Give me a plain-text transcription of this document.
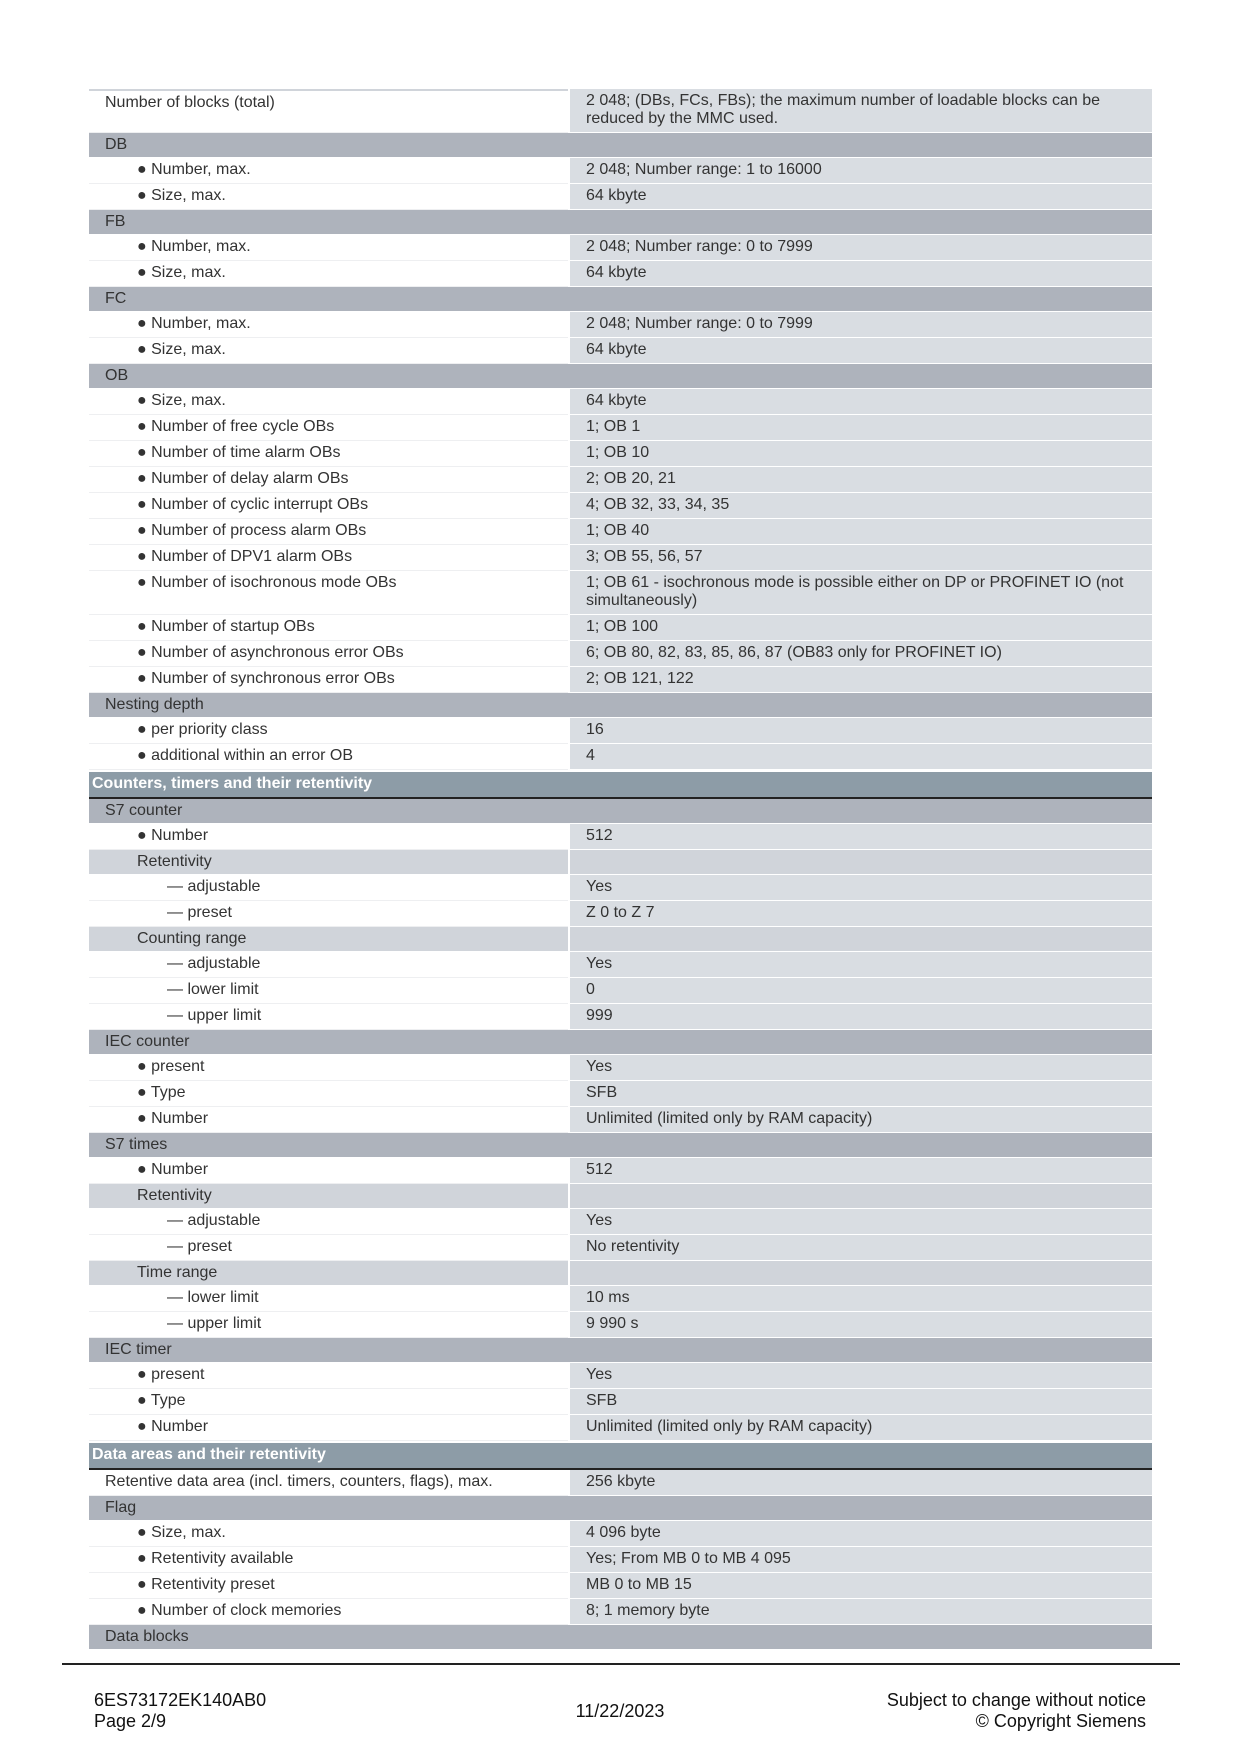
Number of blocks (total)	2 048; (DBs, FCs, FBs); the maximum number of loadable blocks can be reduced by the MMC used.
DB
● Number, max.	2 048; Number range: 1 to 16000
● Size, max.	64 kbyte
FB
● Number, max.	2 048; Number range: 0 to 7999
● Size, max.	64 kbyte
FC
● Number, max.	2 048; Number range: 0 to 7999
● Size, max.	64 kbyte
OB
● Size, max.	64 kbyte
● Number of free cycle OBs	1; OB 1
● Number of time alarm OBs	1; OB 10
● Number of delay alarm OBs	2; OB 20, 21
● Number of cyclic interrupt OBs	4; OB 32, 33, 34, 35
● Number of process alarm OBs	1; OB 40
● Number of DPV1 alarm OBs	3; OB 55, 56, 57
● Number of isochronous mode OBs	1; OB 61 - isochronous mode is possible either on DP or PROFINET IO (not simultaneously)
● Number of startup OBs	1; OB 100
● Number of asynchronous error OBs	6; OB 80, 82, 83, 85, 86, 87 (OB83 only for PROFINET IO)
● Number of synchronous error OBs	2; OB 121, 122
Nesting depth
● per priority class	16
● additional within an error OB	4
Counters, timers and their retentivity
S7 counter
● Number	512
Retentivity
— adjustable	Yes
— preset	Z 0 to Z 7
Counting range
— adjustable	Yes
— lower limit	0
— upper limit	999
IEC counter
● present	Yes
● Type	SFB
● Number	Unlimited (limited only by RAM capacity)
S7 times
● Number	512
Retentivity
— adjustable	Yes
— preset	No retentivity
Time range
— lower limit	10 ms
— upper limit	9 990 s
IEC timer
● present	Yes
● Type	SFB
● Number	Unlimited (limited only by RAM capacity)
Data areas and their retentivity
Retentive data area (incl. timers, counters, flags), max.	256 kbyte
Flag
● Size, max.	4 096 byte
● Retentivity available	Yes; From MB 0 to MB 4 095
● Retentivity preset	MB 0 to MB 15
● Number of clock memories	8; 1 memory byte
Data blocks
6ES73172EK140AB0
Page 2/9	11/22/2023
Subject to change without notice
© Copyright Siemens
